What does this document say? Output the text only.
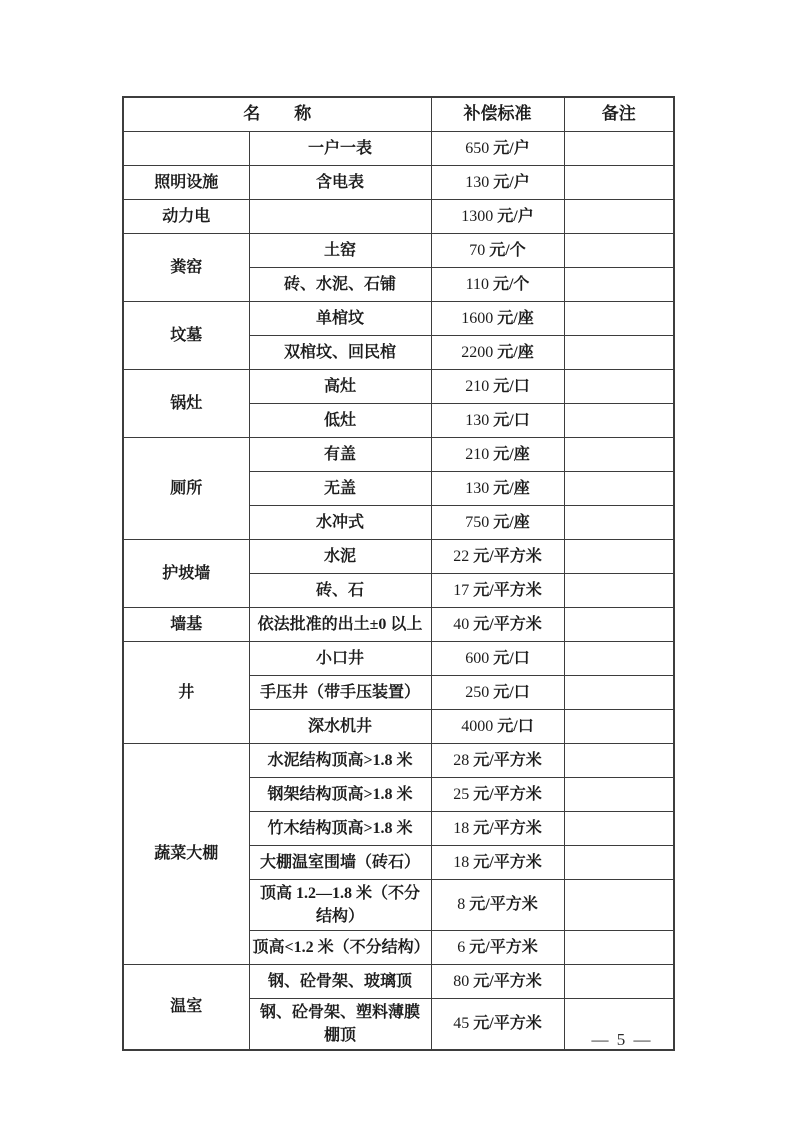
名　　称		补偿标准	备注
	一户一表	650 元/户	
照明设施	含电表	130 元/户	
动力电		1300 元/户	
粪窑	土窑	70 元/个	
	砖、水泥、石铺	110 元/个	
坟墓	单棺坟	1600 元/座	
	双棺坟、回民棺	2200 元/座	
锅灶	高灶	210 元/口	
	低灶	130 元/口	
厕所	有盖	210 元/座	
	无盖	130 元/座	
	水冲式	750 元/座	
护坡墙	水泥	22 元/平方米	
	砖、石	17 元/平方米	
墙基	依法批准的出土±0 以上	40 元/平方米	
井	小口井	600 元/口	
	手压井（带手压装置）	250 元/口	
	深水机井	4000 元/口	
蔬菜大棚	水泥结构顶高>1.8 米	28 元/平方米	
	钢架结构顶高>1.8 米	25 元/平方米	
	竹木结构顶高>1.8 米	18 元/平方米	
	大棚温室围墙（砖石）	18 元/平方米	
	顶高 1.2—1.8 米（不分结构）	8 元/平方米	
	顶高<1.2 米（不分结构）	6 元/平方米	
温室	钢、砼骨架、玻璃顶	80 元/平方米	
	钢、砼骨架、塑料薄膜棚顶	45 元/平方米	
— 5 —
